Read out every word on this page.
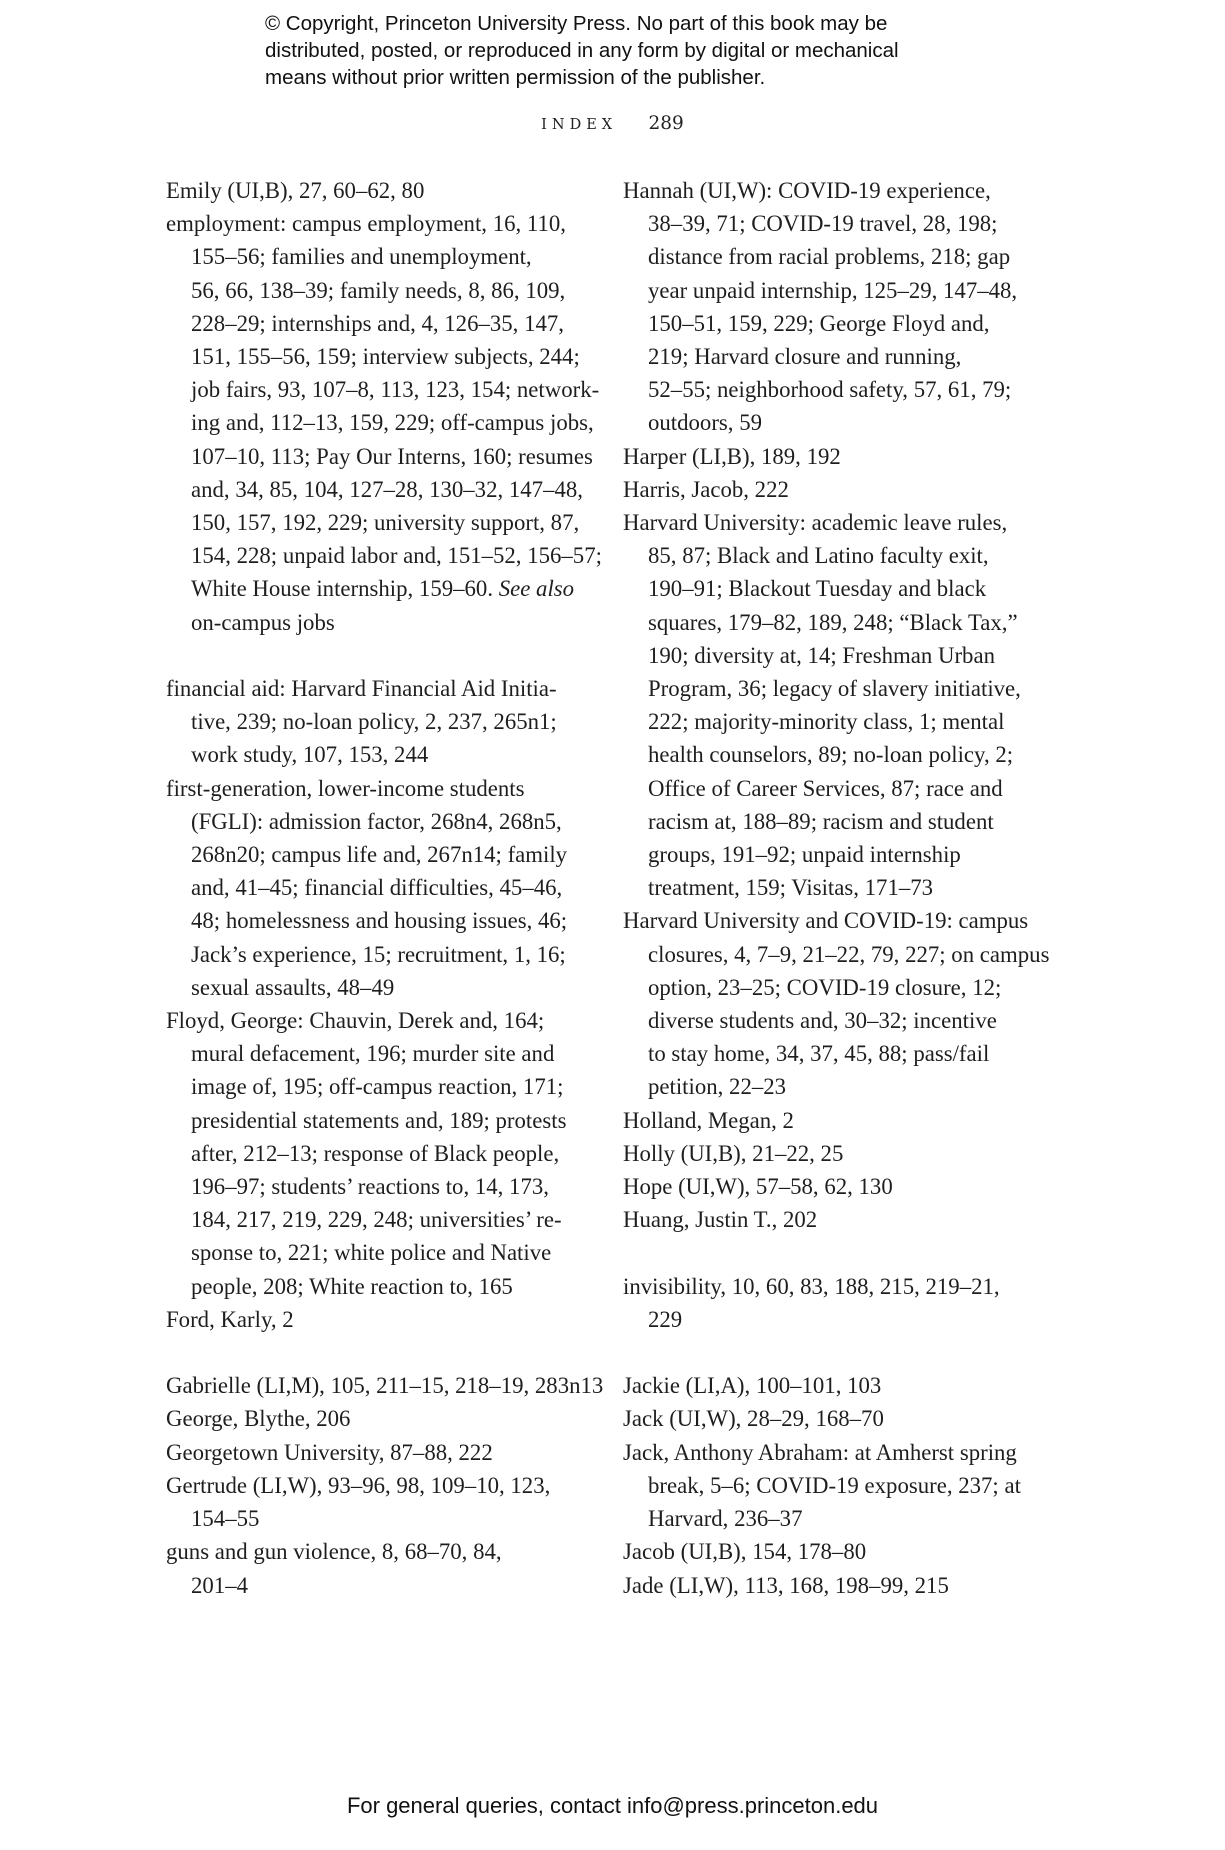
© Copyright, Princeton University Press. No part of this book may be
distributed, posted, or reproduced in any form by digital or mechanical
means without prior written permission of the publisher.
INDEX 289
Emily (UI,B), 27, 60–62, 80
employment: campus employment, 16, 110,
155–56; families and unemployment,
56, 66, 138–39; family needs, 8, 86, 109,
228–29; internships and, 4, 126–35, 147,
151, 155–56, 159; interview subjects, 244;
job fairs, 93, 107–8, 113, 123, 154; network-
ing and, 112–13, 159, 229; off-campus jobs,
107–10, 113; Pay Our Interns, 160; resumes
and, 34, 85, 104, 127–28, 130–32, 147–48,
150, 157, 192, 229; university support, 87,
154, 228; unpaid labor and, 151–52, 156–57;
White House internship, 159–60. See also
on-campus jobs
financial aid: Harvard Financial Aid Initia-
tive, 239; no-loan policy, 2, 237, 265n1;
work study, 107, 153, 244
first-generation, lower-income students
(FGLI): admission factor, 268n4, 268n5,
268n20; campus life and, 267n14; family
and, 41–45; financial difficulties, 45–46,
48; homelessness and housing issues, 46;
Jack’s experience, 15; recruitment, 1, 16;
sexual assaults, 48–49
Floyd, George: Chauvin, Derek and, 164;
mural defacement, 196; murder site and
image of, 195; off-campus reaction, 171;
presidential statements and, 189; protests
after, 212–13; response of Black people,
196–97; students’ reactions to, 14, 173,
184, 217, 219, 229, 248; universities’ re-
sponse to, 221; white police and Native
people, 208; White reaction to, 165
Ford, Karly, 2
Gabrielle (LI,M), 105, 211–15, 218–19, 283n13
George, Blythe, 206
Georgetown University, 87–88, 222
Gertrude (LI,W), 93–96, 98, 109–10, 123,
154–55
guns and gun violence, 8, 68–70, 84,
201–4
Hannah (UI,W): COVID-19 experience,
38–39, 71; COVID-19 travel, 28, 198;
distance from racial problems, 218; gap
year unpaid internship, 125–29, 147–48,
150–51, 159, 229; George Floyd and,
219; Harvard closure and running,
52–55; neighborhood safety, 57, 61, 79;
outdoors, 59
Harper (LI,B), 189, 192
Harris, Jacob, 222
Harvard University: academic leave rules,
85, 87; Black and Latino faculty exit,
190–91; Blackout Tuesday and black
squares, 179–82, 189, 248; “Black Tax,”
190; diversity at, 14; Freshman Urban
Program, 36; legacy of slavery initiative,
222; majority-minority class, 1; mental
health counselors, 89; no-loan policy, 2;
Office of Career Services, 87; race and
racism at, 188–89; racism and student
groups, 191–92; unpaid internship
treatment, 159; Visitas, 171–73
Harvard University and COVID-19: campus
closures, 4, 7–9, 21–22, 79, 227; on campus
option, 23–25; COVID-19 closure, 12;
diverse students and, 30–32; incentive
to stay home, 34, 37, 45, 88; pass/fail
petition, 22–23
Holland, Megan, 2
Holly (UI,B), 21–22, 25
Hope (UI,W), 57–58, 62, 130
Huang, Justin T., 202
invisibility, 10, 60, 83, 188, 215, 219–21,
229
Jackie (LI,A), 100–101, 103
Jack (UI,W), 28–29, 168–70
Jack, Anthony Abraham: at Amherst spring
break, 5–6; COVID-19 exposure, 237; at
Harvard, 236–37
Jacob (UI,B), 154, 178–80
Jade (LI,W), 113, 168, 198–99, 215
For general queries, contact info@press.princeton.edu
